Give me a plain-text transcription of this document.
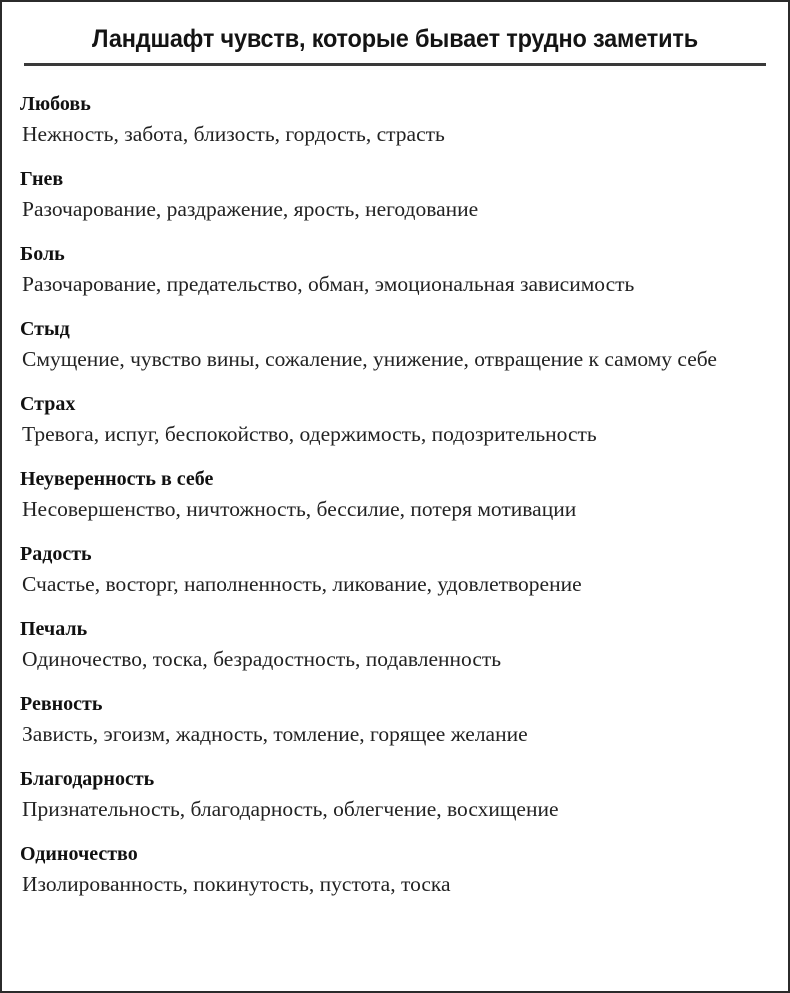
Ландшафт чувств, которые бывает трудно заметить
Любовь
Нежность, забота, близость, гордость, страсть
Гнев
Разочарование, раздражение, ярость, негодование
Боль
Разочарование, предательство, обман, эмоциональная зависимость
Стыд
Смущение, чувство вины, сожаление, унижение, отвращение к самому себе
Страх
Тревога, испуг, беспокойство, одержимость, подозрительность
Неуверенность в себе
Несовершенство, ничтожность, бессилие, потеря мотивации
Радость
Счастье, восторг, наполненность, ликование, удовлетворение
Печаль
Одиночество, тоска, безрадостность, подавленность
Ревность
Зависть, эгоизм, жадность, томление, горящее желание
Благодарность
Признательность, благодарность, облегчение, восхищение
Одиночество
Изолированность, покинутость, пустота, тоска
